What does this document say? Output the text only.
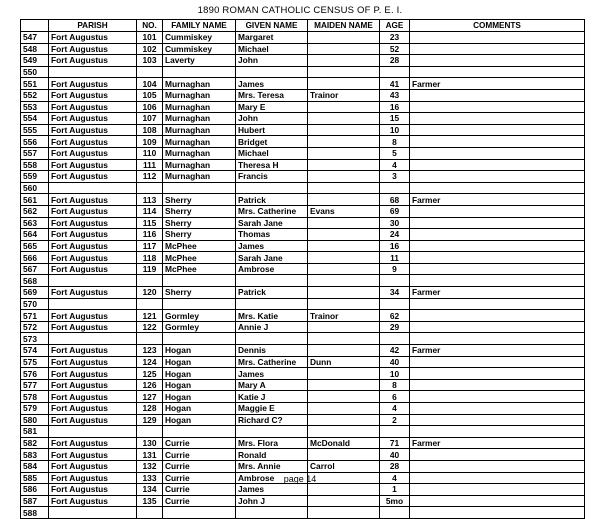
1890 ROMAN CATHOLIC CENSUS OF P. E. I.
	PARISH	NO.	FAMILY NAME	GIVEN NAME	MAIDEN NAME	AGE	COMMENTS
547	Fort Augustus	101	Cummiskey	Margaret		23	
548	Fort Augustus	102	Cummiskey	Michael		52	
549	Fort Augustus	103	Laverty	John		28	
550							
551	Fort Augustus	104	Murnaghan	James		41	Farmer
552	Fort Augustus	105	Murnaghan	Mrs. Teresa	Trainor	43	
553	Fort Augustus	106	Murnaghan	Mary E		16	
554	Fort Augustus	107	Murnaghan	John		15	
555	Fort Augustus	108	Murnaghan	Hubert		10	
556	Fort Augustus	109	Murnaghan	Bridget		8	
557	Fort Augustus	110	Murnaghan	Michael		5	
558	Fort Augustus	111	Murnaghan	Theresa H		4	
559	Fort Augustus	112	Murnaghan	Francis		3	
560							
561	Fort Augustus	113	Sherry	Patrick		68	Farmer
562	Fort Augustus	114	Sherry	Mrs. Catherine	Evans	69	
563	Fort Augustus	115	Sherry	Sarah Jane		30	
564	Fort Augustus	116	Sherry	Thomas		24	
565	Fort Augustus	117	McPhee	James		16	
566	Fort Augustus	118	McPhee	Sarah Jane		11	
567	Fort Augustus	119	McPhee	Ambrose		9	
568							
569	Fort Augustus	120	Sherry	Patrick		34	Farmer
570							
571	Fort Augustus	121	Gormley	Mrs. Katie	Trainor	62	
572	Fort Augustus	122	Gormley	Annie J		29	
573							
574	Fort Augustus	123	Hogan	Dennis		42	Farmer
575	Fort Augustus	124	Hogan	Mrs. Catherine	Dunn	40	
576	Fort Augustus	125	Hogan	James		10	
577	Fort Augustus	126	Hogan	Mary A		8	
578	Fort Augustus	127	Hogan	Katie J		6	
579	Fort Augustus	128	Hogan	Maggie E		4	
580	Fort Augustus	129	Hogan	Richard C?		2	
581							
582	Fort Augustus	130	Currie	Mrs. Flora	McDonald	71	Farmer
583	Fort Augustus	131	Currie	Ronald		40	
584	Fort Augustus	132	Currie	Mrs. Annie	Carrol	28	
585	Fort Augustus	133	Currie	Ambrose		4	
586	Fort Augustus	134	Currie	James		1	
587	Fort Augustus	135	Currie	John J		5mo	
588							
page 14
